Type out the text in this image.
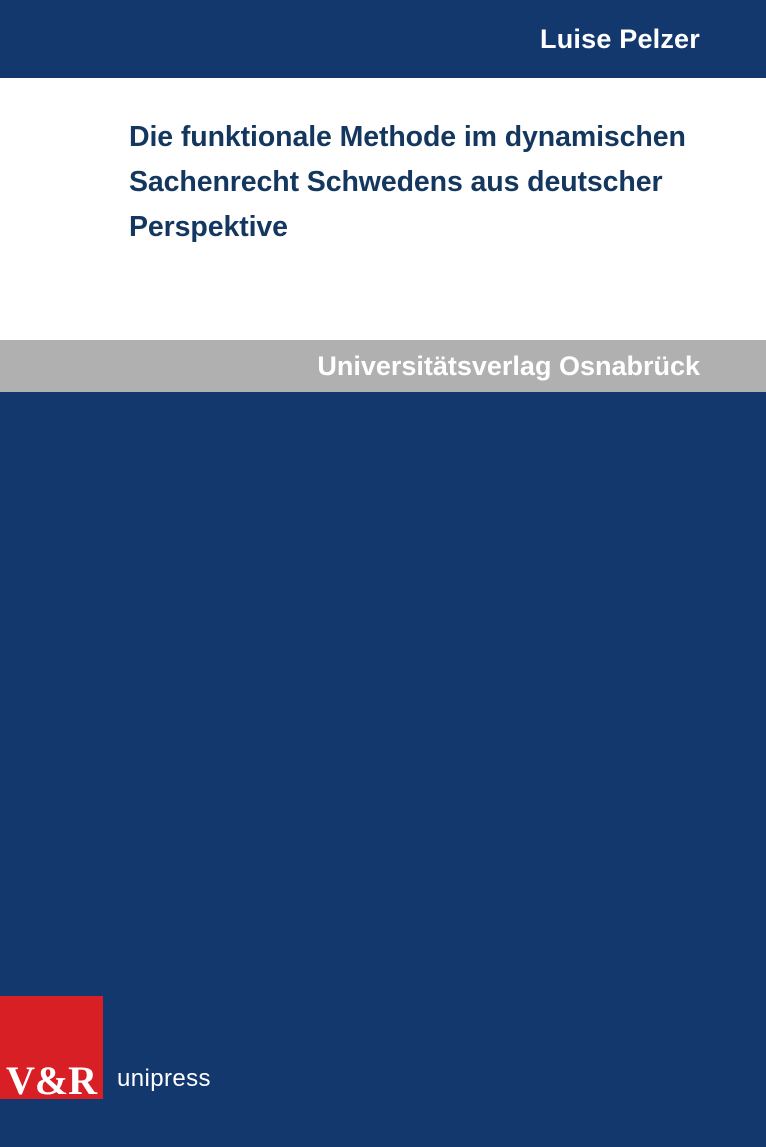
Luise Pelzer
Die funktionale Methode im dynamischen Sachenrecht Schwedens aus deutscher Perspektive
Universitätsverlag Osnabrück
V&R unipress
